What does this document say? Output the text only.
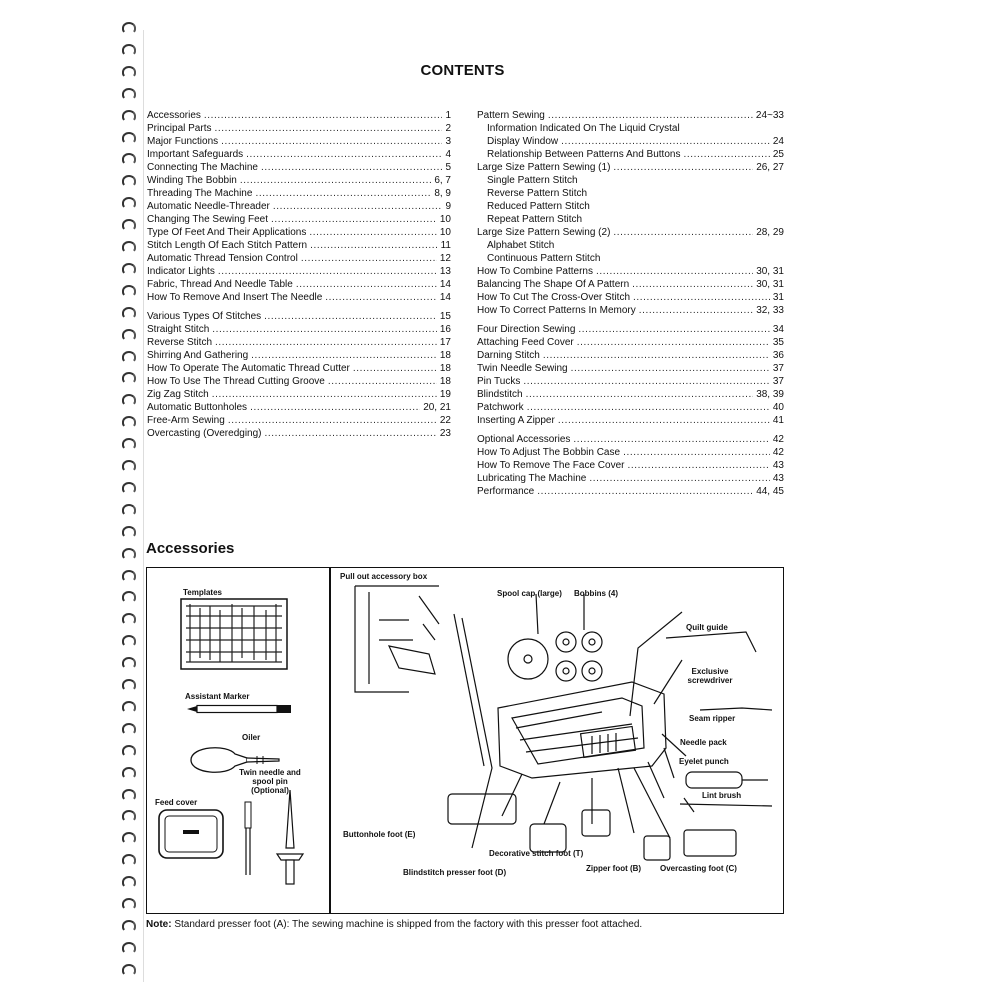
CONTENTS
Accessories .....	1
Principal Parts .....	2
Major Functions .....	3
Important Safeguards .....	4
Connecting The Machine .....	5
Winding The Bobbin .....	6, 7
Threading The Machine .....	8, 9
Automatic Needle-Threader .....	9
Changing The Sewing Feet .....	10
Type Of Feet And Their Applications .....	10
Stitch Length Of Each Stitch Pattern .....	11
Automatic Thread Tension Control .....	12
Indicator Lights .....	13
Fabric, Thread And Needle Table .....	14
How To Remove And Insert The Needle .....	14
Various Types Of Stitches .....	15
Straight Stitch .....	16
Reverse Stitch .....	17
Shirring And Gathering .....	18
How To Operate The Automatic Thread Cutter .....	18
How To Use The Thread Cutting Groove .....	18
Zig Zag Stitch .....	19
Automatic Buttonholes .....	20, 21
Free-Arm Sewing .....	22
Overcasting (Overedging) .....	23
Pattern Sewing .....	24~33
Information Indicated On The Liquid Crystal
Display Window .....	24
Relationship Between Patterns And Buttons .....	25
Large Size Pattern Sewing (1) .....	26, 27
Single Pattern Stitch
Reverse Pattern Stitch
Reduced Pattern Stitch
Repeat Pattern Stitch
Large Size Pattern Sewing (2) .....	28, 29
Alphabet Stitch
Continuous Pattern Stitch
How To Combine Patterns .....	30, 31
Balancing The Shape Of A Pattern .....	30, 31
How To Cut The Cross-Over Stitch .....	31
How To Correct Patterns In Memory .....	32, 33
Four Direction Sewing .....	34
Attaching Feed Cover .....	35
Darning Stitch .....	36
Twin Needle Sewing .....	37
Pin Tucks .....	37
Blindstitch .....	38, 39
Patchwork .....	40
Inserting A Zipper .....	41
Optional Accessories .....	42
How To Adjust The Bobbin Case .....	42
How To Remove The Face Cover .....	43
Lubricating The Machine .....	43
Performance .....	44, 45
Accessories
Templates
Assistant Marker
Oiler
Twin needle and
spool pin
(Optional)
Feed cover
Pull out accessory box
Spool cap (large) Bobbins (4)
Quilt guide
Exclusive
screwdriver
Seam ripper
Needle pack
Eyelet punch
Lint brush
Buttonhole foot (E)
Decorative stitch foot (T)
Blindstitch presser foot (D)	Zipper foot (B) Overcasting foot (C)
Note: Standard presser foot (A): The sewing machine is shipped from the factory with this presser foot attached.
